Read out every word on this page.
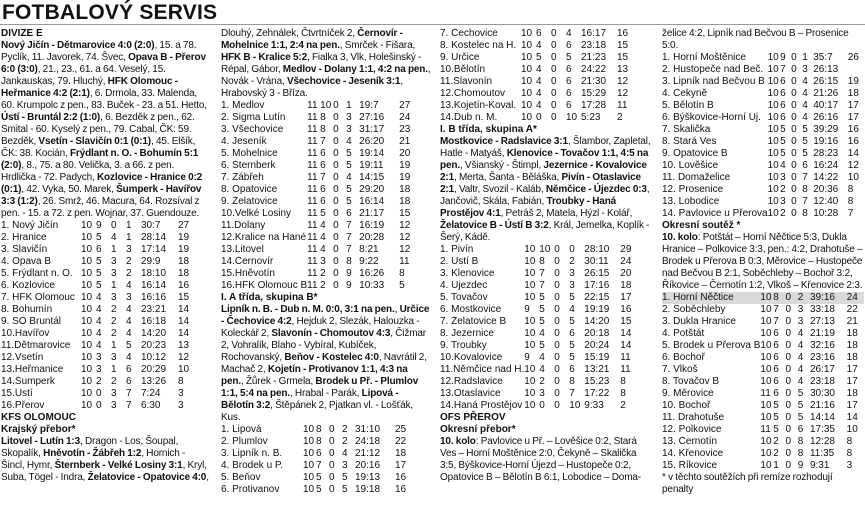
FOTBALOVÝ SERVIS
DIVIZE E
Nový Jičín - Dětmarovice 4:0 (2:0), 15. a 78. Pyclík, 11. Javorek, 74. Švec, Opava B - Přerov 6:0 (3:0), 21., 23., 61. a 64. Veselý, 15. Jankauskas, 79. Hluchý, HFK Olomouc - Heřmanice 4:2 (2:1), 6. Drmola, 33. Malenda, 60. Krumpolc z pen., 83. Buček - 23. a 51. Hetto, Ústí - Bruntál 2:2 (1:0), 6. Bezděk z pen., 62. Smital - 60. Kyselý z pen., 79. Cabal, ČK: 59. Bezděk, Vsetín - Slavičín 0:1 (0:1), 45. Elšík, ČK: 38. Kocián, Frýdlant n. O. - Bohumín 5:1 (2:0), 8., 75. a 80. Velička, 3. a 66. z pen. Hrdlička - 72. Padych, Kozlovice - Hranice 0:2 (0:1), 42. Vyka, 50. Marek, Šumperk - Havířov 3:3 (1:2), 26. Smrž, 46. Macura, 64. Rozsíval z pen. - 15. a 72. z pen. Wojnar, 37. Guendouze.
1. Nový Jičín	10	9	0	1	30:7	27
2. Hranice	10	5	4	1	28:14	19
3. Slavičín	10	6	1	3	17:14	19
4. Opava B	10	5	3	2	29:9	18
5. Frýdlant n. O.	10	5	3	2	18:10	18
6. Kozlovice	10	5	1	4	16:14	16
7. HFK Olomouc	10	4	3	3	16:16	15
8. Bohumín	10	4	2	4	23:21	14
9. SO Bruntál	10	4	2	4	16:18	14
10.Havířov	10	4	2	4	14:20	14
11.Dětmarovice	10	4	1	5	20:23	13
12.Vsetín	10	3	3	4	10:12	12
13.Heřmanice	10	3	1	6	20:29	10
14.Šumperk	10	2	2	6	13:26	8
15.Ústí	10	0	3	7	7:24	3
16.Přerov	10	0	3	7	6:30	3
KFS OLOMOUC
Krajský přebor*
Litovel - Lutín 1:3, Dragon - Los, Šoupal, Skopalík, Hněvotín - Žábřeh 1:2, Hornich - Šincl, Hymr, Šternberk - Velké Losiny 3:1, Kryl, Suba, Tögel - Indra, Želatovice - Opatovice 4:0,
Dlouhý, Zehnálek, Čtvrtníček 2, Černovír - Mohelnice 1:1, 2:4 na pen., Smrček - Fišara, HFK B - Kralice 5:2, Fialka 3, Vlk, Holešinský - Répal, Gábor, Medlov - Dolany 1:1, 4:2 na pen., Novák - Vrána, Všechovice - Jeseník 3:1, Hrabovský 3 - Bříza.
1. Medlov	11	10	0	1	19:7	27
2. Sigma Lutín	11	8	0	3	27:16	24
3. Všechovice	11	8	0	3	31:17	23
4. Jeseník	11	7	0	4	26:20	21
5. Mohelnice	11	6	0	5	19:14	20
6. Šternberk	11	6	0	5	19:11	19
7. Zábřeh	11	7	0	4	14:15	19
8. Opatovice	11	6	0	5	29:20	18
9. Želatovice	11	6	0	5	16:14	18
10.Velké Losiny	11	5	0	6	21:17	15
11.Dolany	11	4	0	7	16:19	12
12.Kralice na Hané	11	4	0	7	20:28	12
13.Litovel	11	4	0	7	8:21	12
14.Černovír	11	3	0	8	9:22	11
15.Hněvotín	11	2	0	9	16:26	8
16.HFK Olomouc B	11	2	0	9	10:33	5
I. A třída, skupina B*
Lipník n. B. - Dub n. M. 0:0, 3:1 na pen., Určice - Čechovice 4:2, Hejduk 2, Slezák, Halouzka - Koleckář 2, Slavonín - Chomoutov 4:3, Čižmar 2, Vohralík, Blaho - Vybíral, Kubíček, Rochovanský, Beňov - Kostelec 4:0, Navrátil 2, Machač 2, Kojetín - Protivanov 1:1, 4:3 na pen., Žůrek - Grmela, Brodek u Př. - Plumlov 1:1, 5:4 na pen., Hrabal - Parák, Lipová - Bělotín 3:2, Štěpánek 2, Pjatkan vl. - Lošťák, Kus.
1. Lipová	10	8	0	2	31:10	25
2. Plumlov	10	8	0	2	24:18	22
3. Lipník n. B.	10	6	0	4	21:12	18
4. Brodek u P.	10	7	0	3	20:16	17
5. Beňov	10	5	0	5	19:13	16
6. Protivanov	10	5	0	5	19:18	16
7. Čechovice	10	6	0	4	16:17	16
8. Kostelec na H.	10	4	0	6	23:18	15
9. Určice	10	5	0	5	21:23	15
10.Bělotín	10	4	0	6	24:22	13
11.Slavonín	10	4	0	6	21:30	12
12.Chomoutov	10	4	0	6	15:29	12
13.Kojetín-Koval.	10	4	0	6	17:28	11
14.Dub n. M.	10	0	0	10	5:23	2
I. B třída, skupina A*
Mostkovice - Radslavice 3:1, Šlambor, Zapletal, Hatle - Matyáš, Klenovice - Tovačov 1:1, 4:5 na pen., Všianský - Štimpl, Jezernice - Kovalovice 2:1, Merta, Šanta - Běláška, Pivín - Otaslavice 2:1, Valtr, Svozil - Kaláb, Němčice - Újezdec 0:3, Jančovič, Skála, Fabián, Troubky - Haná Prostějov 4:1, Petráš 2, Matela, Hýzl - Kolář, Želatovice B - Ústí B 3:2, Král, Jemelka, Koplík - Šerý, Kádě.
1. Pivín	10	10	0	0	28:10	29
2. Ústí B	10	8	0	2	30:11	24
3. Klenovice	10	7	0	3	26:15	20
4. Újezdec	10	7	0	3	17:16	18
5. Tovačov	10	5	0	5	22:15	17
6. Mostkovice	9	5	0	4	19:19	16
7. Želatovice B	10	5	0	5	14:20	15
8. Jezernice	10	4	0	6	20:18	14
9. Troubky	10	5	0	5	20:24	14
10.Kovalovice	9	4	0	5	15:19	11
11.Němčice nad H.	10	4	0	6	13:21	11
12.Radslavice	10	2	0	8	15:23	8
13.Otaslavice	10	3	0	7	17:22	8
14.Haná Prostějov	10	0	0	10	9:33	2
OFS PŘEROV
Okresní přebor*
10. kolo: Pavlovice u Př. – Lověšice 0:2, Stará Ves – Horní Moštěnice 2:0, Čekyně – Skalička 3:5, Býškovice-Horní Újezd – Hustopeče 0:2, Opatovice B – Bělotín B 6:1, Lobodice – Doma-
želice 4:2, Lipník nad Bečvou B – Prosenice 5:0.
1. Horní Moštěnice	10	9	0	1	35:7	26
2. Hustopeče nad Beč.	10	7	0	3	26:13	
3. Lipník nad Bečvou B	10	6	0	4	26:15	19
4. Čekyně	10	6	0	4	21:26	18
5. Bělotín B	10	6	0	4	40:17	17
6. Býškovice-Horní Új.	10	6	0	4	26:16	17
7. Skalička	10	5	0	5	39:29	16
8. Stará Ves	10	5	0	5	19:16	16
9. Opatovice B	10	5	0	5	28:23	14
10. Lověšice	10	4	0	6	16:24	12
11. Domaželice	10	3	0	7	14:22	10
12. Prosenice	10	2	0	8	20:36	8
13. Lobodice	10	3	0	7	12:40	8
14. Pavlovice u Přerova	10	2	0	8	10:28	7
Okresní soutěž *
10. kolo: Potštát – Horní Něčtice 5:3, Dukla Hranice – Polkovice 3:3, pen.: 4:2, Drahotuše – Brodek u Přerova B 0:3, Měrovice – Hustopeče nad Bečvou B 2:1, Soběchleby – Bochoř 3:2, Říkovice – Černotín 1:2, Vlkoš – Křenovice 2:3.
1. Horní Něčtice	10	8	0	2	39:16	24
2. Soběchleby	10	7	0	3	33:18	22
3. Dukla Hranice	10	7	0	3	27:13	21
4. Potštát	10	6	0	4	21:19	18
5. Brodek u Přerova B	10	6	0	4	32:16	18
6. Bochoř	10	6	0	4	23:16	18
7. Vlkoš	10	6	0	4	26:17	17
8. Tovačov B	10	6	0	4	23:18	17
9. Měrovice	11	6	0	5	30:30	18
10. Bochoř	10	5	0	5	21:16	17
11. Drahotuše	10	5	0	5	14:14	14
12. Polkovice	11	5	0	6	17:35	10
13. Černotín	10	2	0	8	12:28	8
14. Křenovice	10	2	0	8	11:35	8
15. Říkovice	10	1	0	9	9:31	3
* v těchto soutěžích při remíze rozhodují penalty
